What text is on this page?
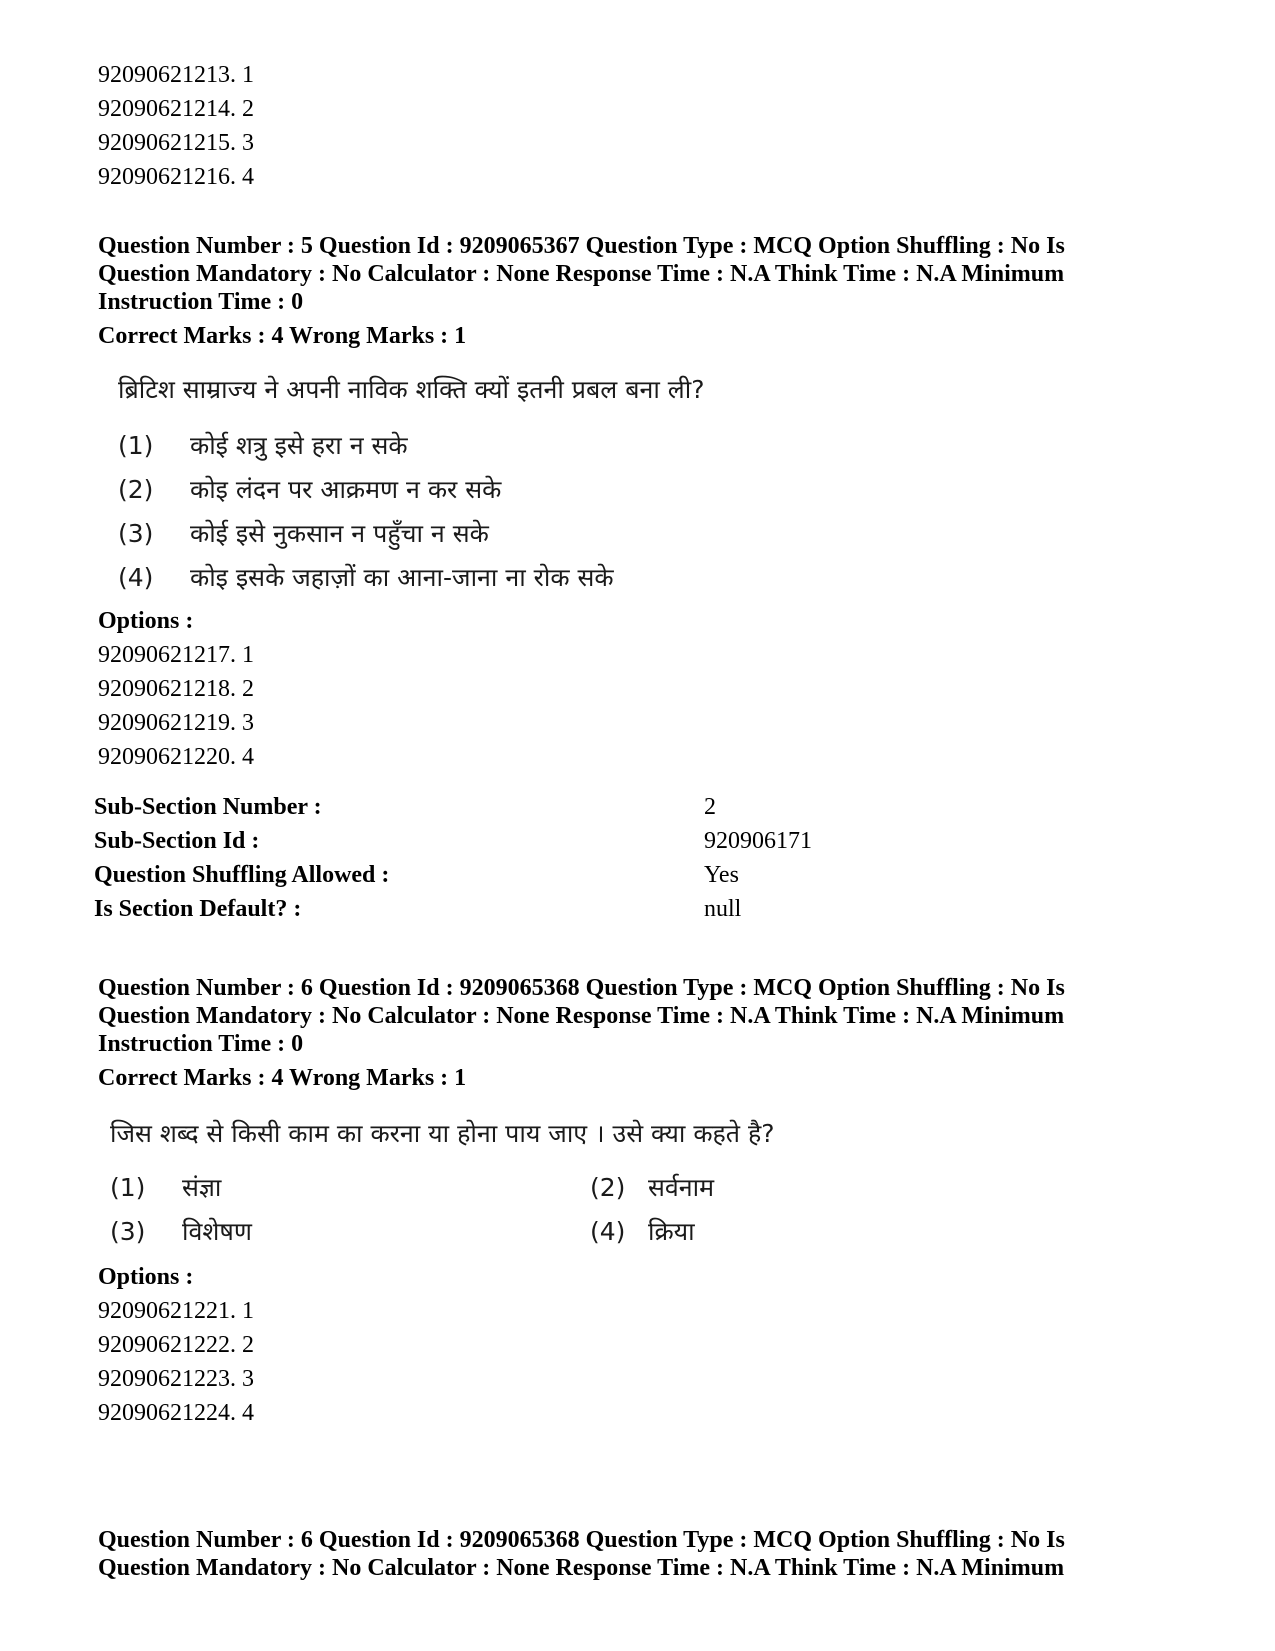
92090621213. 1
92090621214. 2
92090621215. 3
92090621216. 4
Question Number : 5 Question Id : 9209065367 Question Type : MCQ Option Shuffling : No Is
Question Mandatory : No Calculator : None Response Time : N.A Think Time : N.A Minimum
Instruction Time : 0
Correct Marks : 4 Wrong Marks : 1
ब्रिटिश साम्राज्य ने अपनी नाविक शक्ति क्यों इतनी प्रबल बना ली?
(1) कोई शत्रु इसे हरा न सके
(2) कोइ लंदन पर आक्रमण न कर सके
(3) कोई इसे नुकसान न पहुँचा न सके
(4) कोइ इसके जहाज़ों का आना-जाना ना रोक सके
Options :
92090621217. 1
92090621218. 2
92090621219. 3
92090621220. 4
Sub-Section Number :	2
Sub-Section Id :	920906171
Question Shuffling Allowed :	Yes
Is Section Default? :	null
Question Number : 6 Question Id : 9209065368 Question Type : MCQ Option Shuffling : No Is
Question Mandatory : No Calculator : None Response Time : N.A Think Time : N.A Minimum
Instruction Time : 0
Correct Marks : 4 Wrong Marks : 1
जिस शब्द से किसी काम का करना या होना पाय जाए । उसे क्या कहते है?
(1) संज्ञा	(2) सर्वनाम
(3) विशेषण	(4) क्रिया
Options :
92090621221. 1
92090621222. 2
92090621223. 3
92090621224. 4
Question Number : 6 Question Id : 9209065368 Question Type : MCQ Option Shuffling : No Is
Question Mandatory : No Calculator : None Response Time : N.A Think Time : N.A Minimum
